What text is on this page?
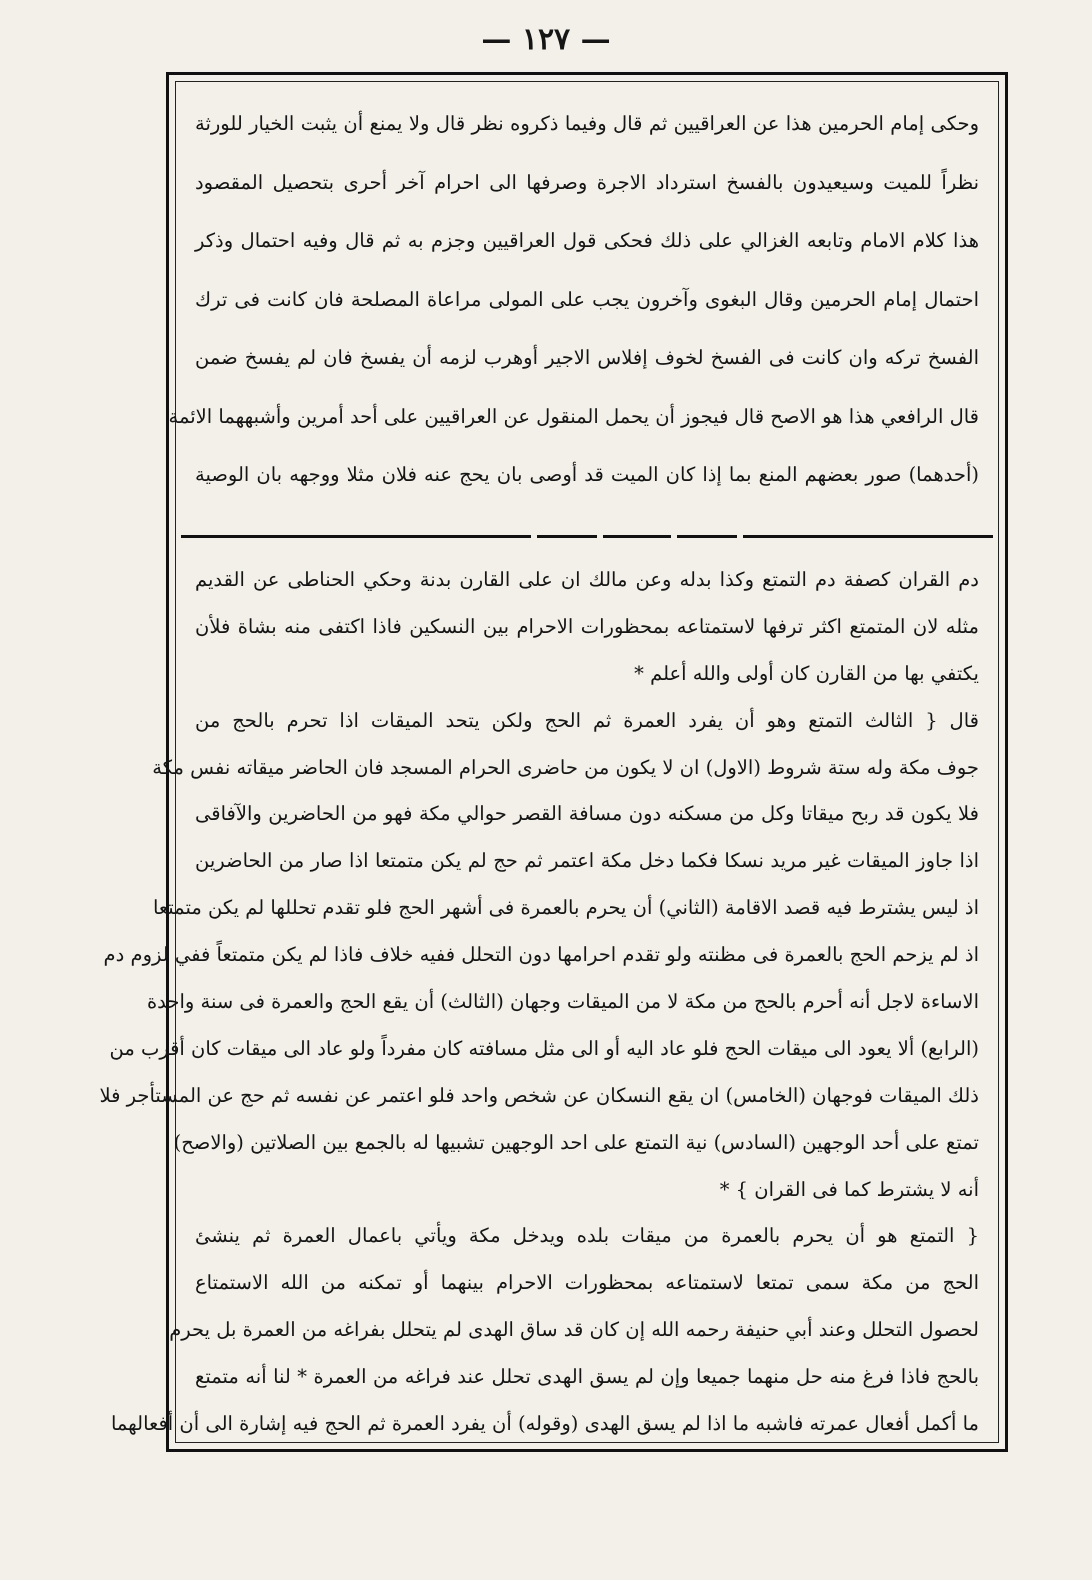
— ١٢٧ —
وحكى إمام الحرمين هذا عن العراقيين ثم قال وفيما ذكروه نظر قال ولا يمنع أن يثبت الخيار للورثة
نظراً للميت وسيعيدون بالفسخ استرداد الاجرة وصرفها الى احرام آخر أحرى بتحصيل المقصود
هذا كلام الامام وتابعه الغزالي على ذلك فحكى قول العراقيين وجزم به ثم قال وفيه احتمال وذكر
احتمال إمام الحرمين وقال البغوى وآخرون يجب على المولى مراعاة المصلحة فان كانت فى ترك
الفسخ تركه وان كانت فى الفسخ لخوف إفلاس الاجير أوهرب لزمه أن يفسخ فان لم يفسخ ضمن
قال الرافعي هذا هو الاصح قال فيجوز أن يحمل المنقول عن العراقيين على أحد أمرين وأشبههما الائمة
(أحدهما) صور بعضهم المنع بما إذا كان الميت قد أوصى بان يحج عنه فلان مثلا ووجهه بان الوصية
دم القران كصفة دم التمتع وكذا بدله وعن مالك ان على القارن بدنة وحكي الحناطى عن القديم
مثله لان المتمتع اكثر ترفها لاستمتاعه بمحظورات الاحرام بين النسكين فاذا اكتفى منه بشاة فلأن
يكتفي بها من القارن كان أولى والله أعلم *
قال { الثالث التمتع وهو أن يفرد العمرة ثم الحج ولكن يتحد الميقات اذا تحرم بالحج من
جوف مكة وله ستة شروط (الاول) ان لا يكون من حاضرى الحرام المسجد فان الحاضر ميقاته نفس مكة
فلا يكون قد ربح ميقاتا وكل من مسكنه دون مسافة القصر حوالي مكة فهو من الحاضرين والآفاقى
اذا جاوز الميقات غير مريد نسكا فكما دخل مكة اعتمر ثم حج لم يكن متمتعا اذا صار من الحاضرين
اذ ليس يشترط فيه قصد الاقامة (الثاني) أن يحرم بالعمرة فى أشهر الحج فلو تقدم تحللها لم يكن متمتعا
اذ لم يزحم الحج بالعمرة فى مظنته ولو تقدم احرامها دون التحلل ففيه خلاف فاذا لم يكن متمتعاً ففي لزوم دم
الاساءة لاجل أنه أحرم بالحج من مكة لا من الميقات وجهان (الثالث) أن يقع الحج والعمرة فى سنة واحدة
(الرابع) ألا يعود الى ميقات الحج فلو عاد اليه أو الى مثل مسافته كان مفرداً ولو عاد الى ميقات كان أقرب من
ذلك الميقات فوجهان (الخامس) ان يقع النسكان عن شخص واحد فلو اعتمر عن نفسه ثم حج عن المستأجر فلا
تمتع على أحد الوجهين (السادس) نية التمتع على احد الوجهين تشبيها له بالجمع بين الصلاتين (والاصح)
أنه لا يشترط كما فى القران } *
{ التمتع هو أن يحرم بالعمرة من ميقات بلده ويدخل مكة ويأتي باعمال العمرة ثم ينشئ
الحج من مكة سمى تمتعا لاستمتاعه بمحظورات الاحرام بينهما أو تمكنه من الله الاستمتاع
لحصول التحلل وعند أبي حنيفة رحمه الله إن كان قد ساق الهدى لم يتحلل بفراغه من العمرة بل يحرم
بالحج فاذا فرغ منه حل منهما جميعا وإن لم يسق الهدى تحلل عند فراغه من العمرة * لنا أنه متمتع
ما أكمل أفعال عمرته فاشبه ما اذا لم يسق الهدى (وقوله) أن يفرد العمرة ثم الحج فيه إشارة الى أن أفعالهما
